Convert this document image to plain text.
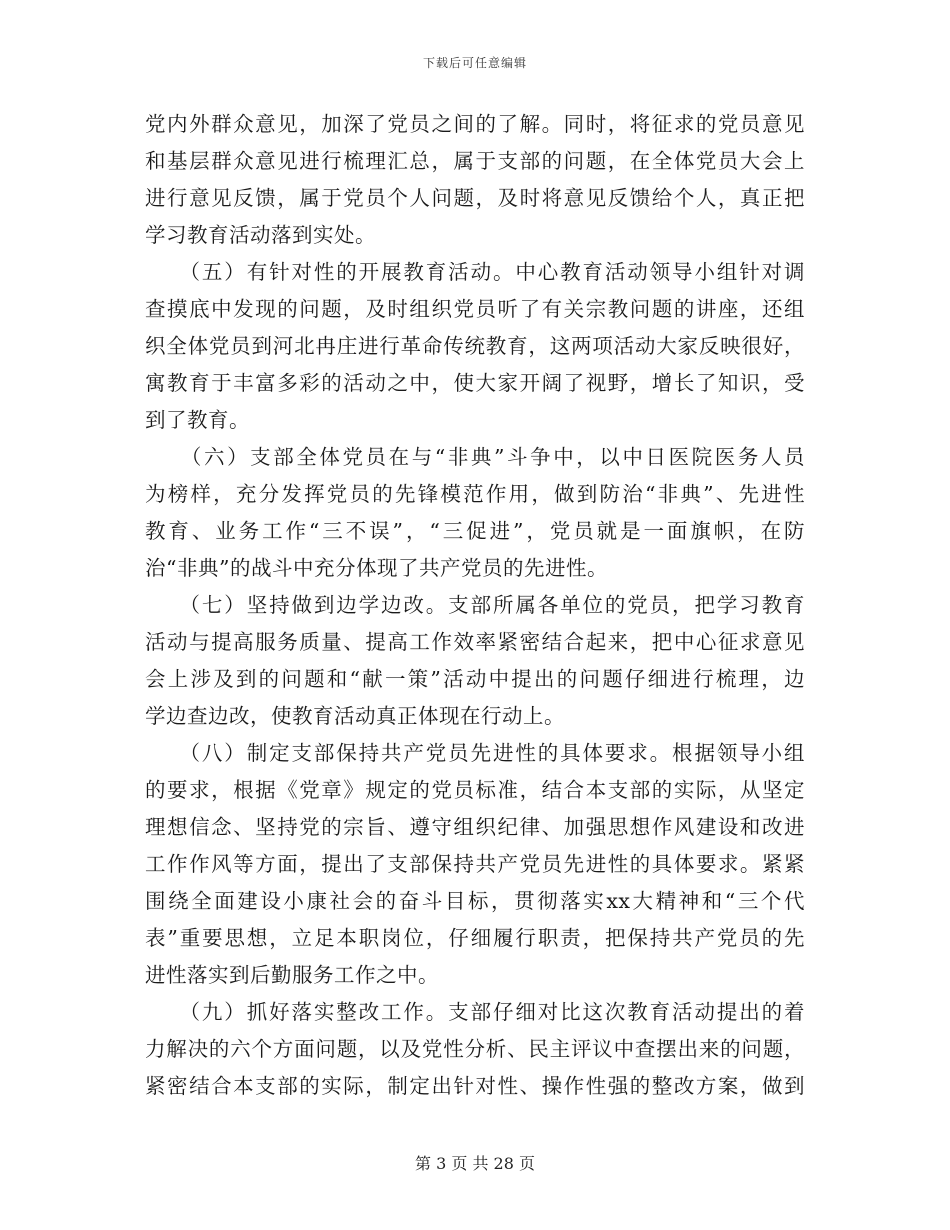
下载后可任意编辑
党内外群众意见，加深了党员之间的了解。同时，将征求的党员意见
和基层群众意见进行梳理汇总，属于支部的问题，在全体党员大会上
进行意见反馈，属于党员个人问题，及时将意见反馈给个人，真正把
学习教育活动落到实处。
　　（五）有针对性的开展教育活动。中心教育活动领导小组针对调
查摸底中发现的问题，及时组织党员听了有关宗教问题的讲座，还组
织全体党员到河北冉庄进行革命传统教育，这两项活动大家反映很好，
寓教育于丰富多彩的活动之中，使大家开阔了视野，增长了知识，受
到了教育。
　　（六）支部全体党员在与“非典”斗争中，以中日医院医务人员
为榜样，充分发挥党员的先锋模范作用，做到防治“非典”、先进性
教育、业务工作“三不误”，“三促进”，党员就是一面旗帜，在防
治“非典”的战斗中充分体现了共产党员的先进性。
　　（七）坚持做到边学边改。支部所属各单位的党员，把学习教育
活动与提高服务质量、提高工作效率紧密结合起来，把中心征求意见
会上涉及到的问题和“献一策”活动中提出的问题仔细进行梳理，边
学边查边改，使教育活动真正体现在行动上。
　　（八）制定支部保持共产党员先进性的具体要求。根据领导小组
的要求，根据《党章》规定的党员标准，结合本支部的实际，从坚定
理想信念、坚持党的宗旨、遵守组织纪律、加强思想作风建设和改进
工作作风等方面，提出了支部保持共产党员先进性的具体要求。紧紧
围绕全面建设小康社会的奋斗目标，贯彻落实xx大精神和“三个代
表”重要思想，立足本职岗位，仔细履行职责，把保持共产党员的先
进性落实到后勤服务工作之中。
　　（九）抓好落实整改工作。支部仔细对比这次教育活动提出的着
力解决的六个方面问题，以及党性分析、民主评议中查摆出来的问题，
紧密结合本支部的实际，制定出针对性、操作性强的整改方案，做到
第 3 页 共 28 页
